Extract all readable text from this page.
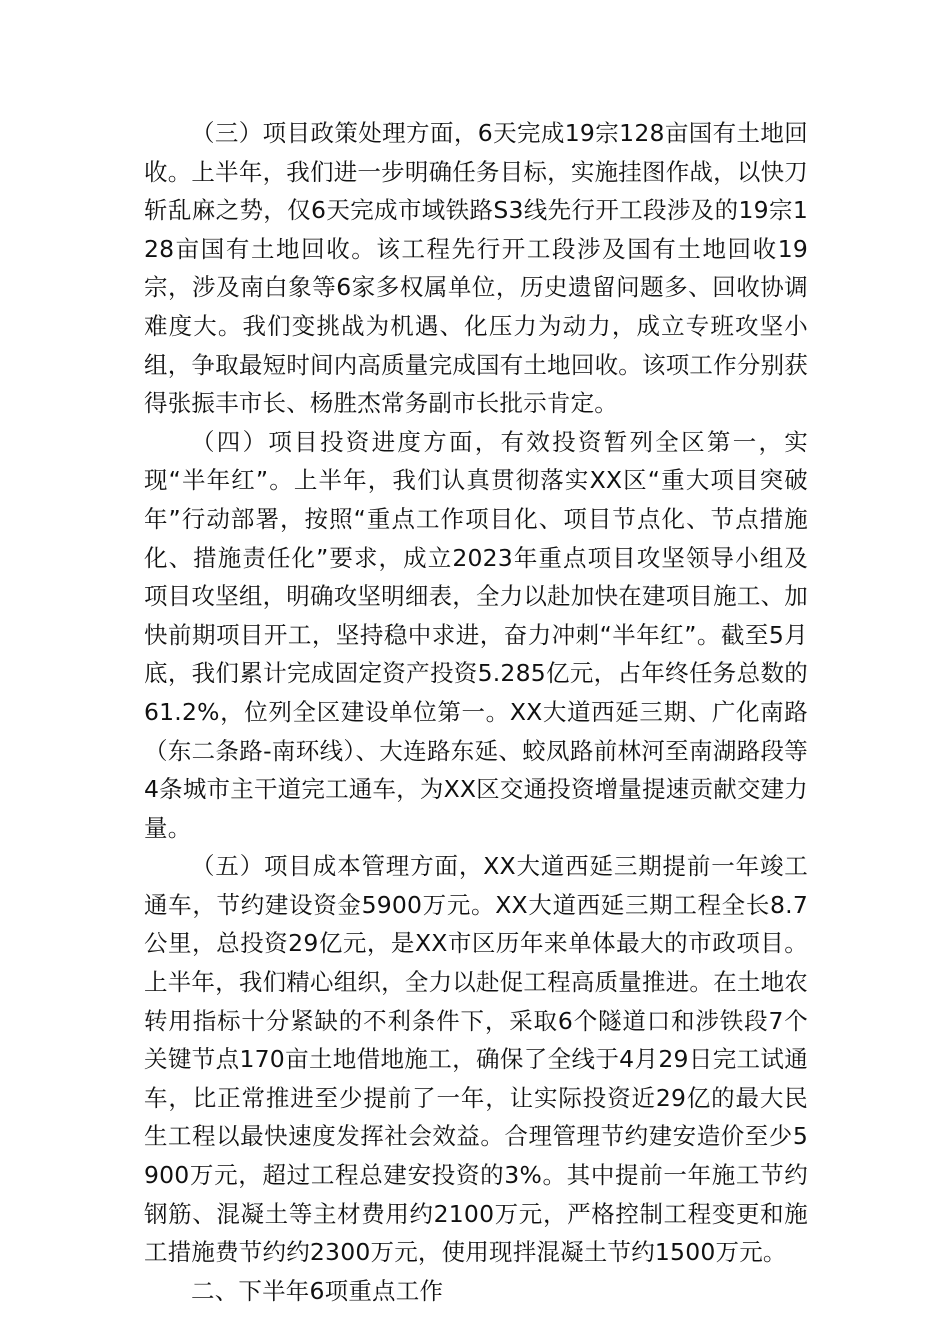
（三）项目政策处理方面，6天完成19宗128亩国有土地回收。上半年，我们进一步明确任务目标，实施挂图作战，以快刀斩乱麻之势，仅6天完成市域铁路S3线先行开工段涉及的19宗128亩国有土地回收。该工程先行开工段涉及国有土地回收19宗，涉及南白象等6家多权属单位，历史遗留问题多、回收协调难度大。我们变挑战为机遇、化压力为动力，成立专班攻坚小组，争取最短时间内高质量完成国有土地回收。该项工作分别获得张振丰市长、杨胜杰常务副市长批示肯定。

（四）项目投资进度方面，有效投资暂列全区第一，实现“半年红”。上半年，我们认真贯彻落实XX区“重大项目突破年”行动部署，按照“重点工作项目化、项目节点化、节点措施化、措施责任化”要求，成立2023年重点项目攻坚领导小组及项目攻坚组，明确攻坚明细表，全力以赴加快在建项目施工、加快前期项目开工，坚持稳中求进，奋力冲刺“半年红”。截至5月底，我们累计完成固定资产投资5.285亿元，占年终任务总数的61.2%，位列全区建设单位第一。XX大道西延三期、广化南路（东二条路-南环线）、大连路东延、蛟凤路前林河至南湖路段等4条城市主干道完工通车，为XX区交通投资增量提速贡献交建力量。

（五）项目成本管理方面，XX大道西延三期提前一年竣工通车，节约建设资金5900万元。XX大道西延三期工程全长8.7公里，总投资29亿元，是XX市区历年来单体最大的市政项目。上半年，我们精心组织，全力以赴促工程高质量推进。在土地农转用指标十分紧缺的不利条件下，采取6个隧道口和涉铁段7个关键节点170亩土地借地施工，确保了全线于4月29日完工试通车，比正常推进至少提前了一年，让实际投资近29亿的最大民生工程以最快速度发挥社会效益。合理管理节约建安造价至少5900万元，超过工程总建安投资的3%。其中提前一年施工节约钢筋、混凝土等主材费用约2100万元，严格控制工程变更和施工措施费节约约2300万元，使用现拌混凝土节约1500万元。

二、下半年6项重点工作
